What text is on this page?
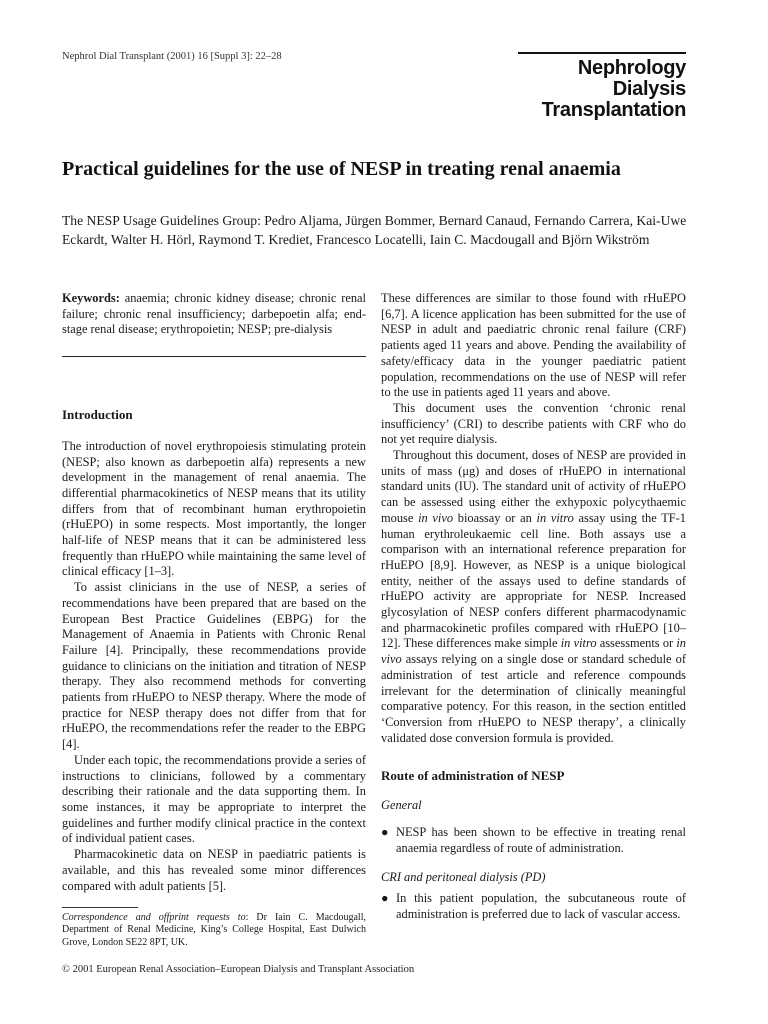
Nephrol Dial Transplant (2001) 16 [Suppl 3]: 22–28
Nephrology
Dialysis
Transplantation
Practical guidelines for the use of NESP in treating renal anaemia

The NESP Usage Guidelines Group: Pedro Aljama, Jürgen Bommer, Bernard Canaud, Fernando Carrera, Kai-Uwe Eckardt, Walter H. Hörl, Raymond T. Krediet, Francesco Locatelli, Iain C. Macdougall and Björn Wikström

Keywords: anaemia; chronic kidney disease; chronic renal failure; chronic renal insufficiency; darbepoetin alfa; end-stage renal disease; erythropoietin; NESP; pre-dialysis

Introduction

The introduction of novel erythropoiesis stimulating protein (NESP; also known as darbepoetin alfa) represents a new development in the management of renal anaemia. The differential pharmacokinetics of NESP means that its utility differs from that of recombinant human erythropoietin (rHuEPO) in some respects. Most importantly, the longer half-life of NESP means that it can be administered less frequently than rHuEPO while maintaining the same level of clinical efficacy [1–3].

To assist clinicians in the use of NESP, a series of recommendations have been prepared that are based on the European Best Practice Guidelines (EBPG) for the Management of Anaemia in Patients with Chronic Renal Failure [4]. Principally, these recommendations provide guidance to clinicians on the initiation and titration of NESP therapy. They also recommend methods for converting patients from rHuEPO to NESP therapy. Where the mode of practice for NESP therapy does not differ from that for rHuEPO, the recommendations refer the reader to the EBPG [4].

Under each topic, the recommendations provide a series of instructions to clinicians, followed by a commentary describing their rationale and the data supporting them. In some instances, it may be appropriate to interpret the guidelines and further modify clinical practice in the context of individual patient cases.

Pharmacokinetic data on NESP in paediatric patients is available, and this has revealed some minor differences compared with adult patients [5].

These differences are similar to those found with rHuEPO [6,7]. A licence application has been submitted for the use of NESP in adult and paediatric chronic renal failure (CRF) patients aged 11 years and above. Pending the availability of safety/efficacy data in the younger paediatric patient population, recommendations on the use of NESP will refer to the use in patients aged 11 years and above.

This document uses the convention ‘chronic renal insufficiency’ (CRI) to describe patients with CRF who do not yet require dialysis.

Throughout this document, doses of NESP are provided in units of mass (μg) and doses of rHuEPO in international standard units (IU). The standard unit of activity of rHuEPO can be assessed using either the exhypoxic polycythaemic mouse in vivo bioassay or an in vitro assay using the TF-1 human erythroleukaemic cell line. Both assays use a comparison with an international reference preparation for rHuEPO [8,9]. However, as NESP is a unique biological entity, neither of the assays used to define standards of rHuEPO activity are appropriate for NESP. Increased glycosylation of NESP confers different pharmacodynamic and pharmacokinetic profiles compared with rHuEPO [10–12]. These differences make simple in vitro assessments or in vivo assays relying on a single dose or standard schedule of administration of test article and reference compounds irrelevant for the determination of clinically meaningful comparative potency. For this reason, in the section entitled ‘Conversion from rHuEPO to NESP therapy’, a clinically validated dose conversion formula is provided.

Route of administration of NESP
General
● NESP has been shown to be effective in treating renal anaemia regardless of route of administration.
CRI and peritoneal dialysis (PD)
● In this patient population, the subcutaneous route of administration is preferred due to lack of vascular access.

Correspondence and offprint requests to: Dr Iain C. Macdougall, Department of Renal Medicine, King’s College Hospital, East Dulwich Grove, London SE22 8PT, UK.

© 2001 European Renal Association–European Dialysis and Transplant Association
